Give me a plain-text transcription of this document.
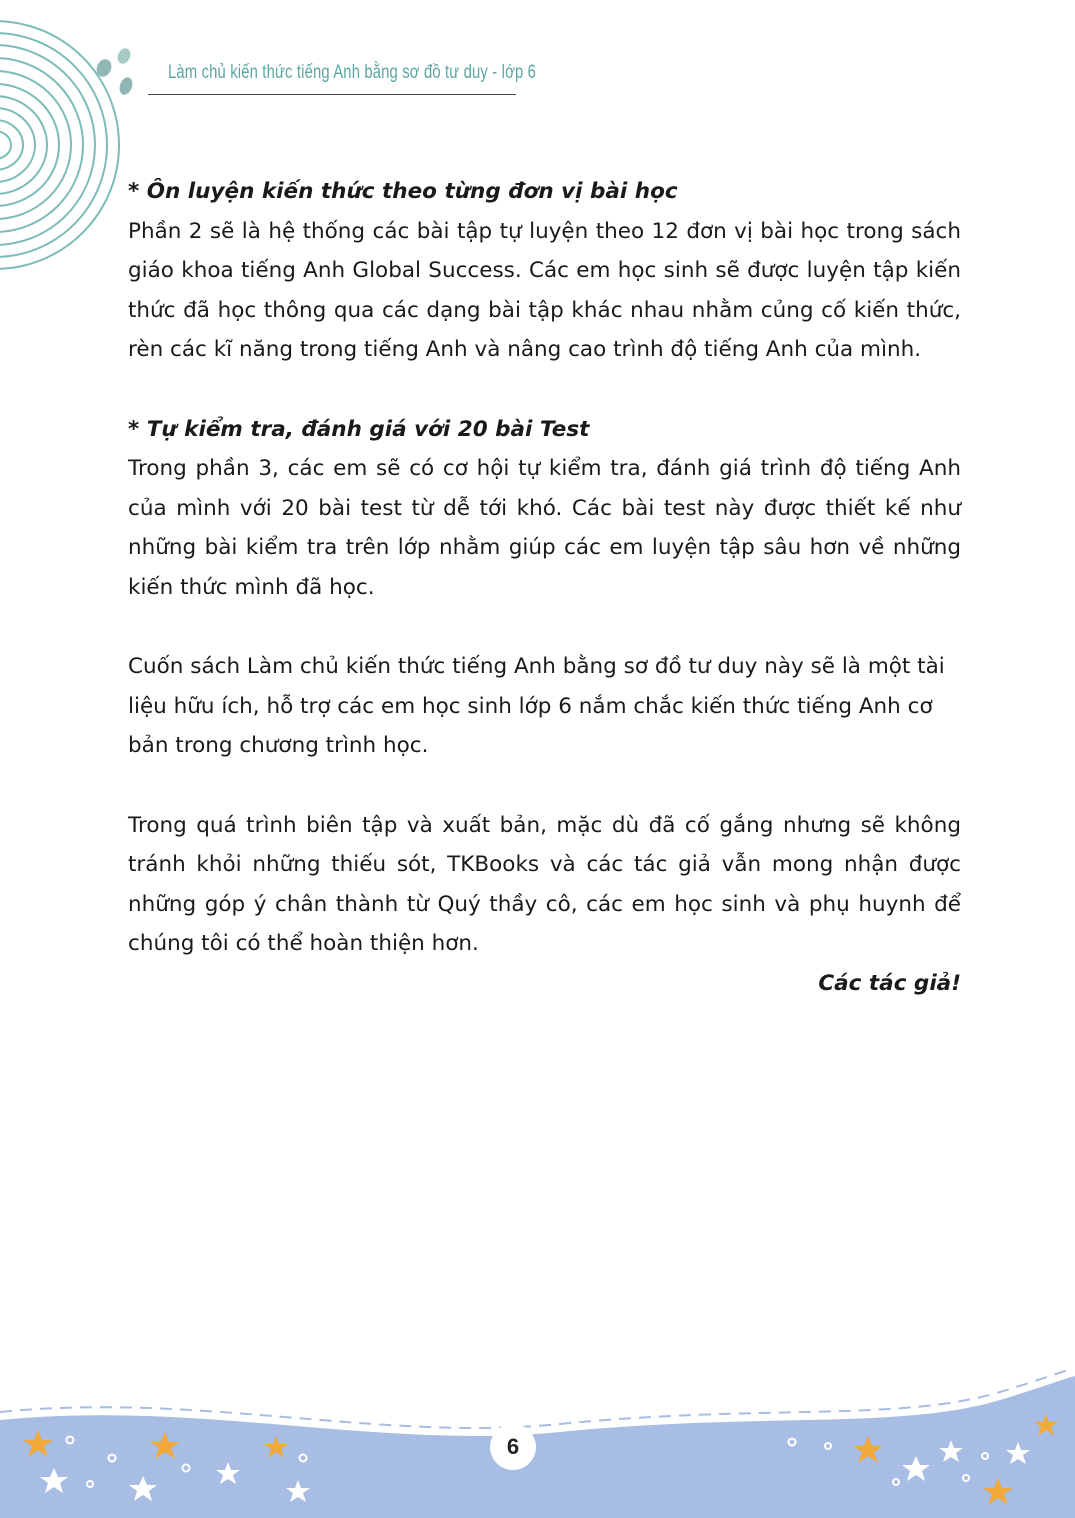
Làm chủ kiến thức tiếng Anh bằng sơ đồ tư duy - lớp 6

* Ôn luyện kiến thức theo từng đơn vị bài học

Phần 2 sẽ là hệ thống các bài tập tự luyện theo 12 đơn vị bài học trong sách giáo khoa tiếng Anh Global Success. Các em học sinh sẽ được luyện tập kiến thức đã học thông qua các dạng bài tập khác nhau nhằm củng cố kiến thức, rèn các kĩ năng trong tiếng Anh và nâng cao trình độ tiếng Anh của mình.

* Tự kiểm tra, đánh giá với 20 bài Test

Trong phần 3, các em sẽ có cơ hội tự kiểm tra, đánh giá trình độ tiếng Anh của mình với 20 bài test từ dễ tới khó. Các bài test này được thiết kế như những bài kiểm tra trên lớp nhằm giúp các em luyện tập sâu hơn về những kiến thức mình đã học.

Cuốn sách Làm chủ kiến thức tiếng Anh bằng sơ đồ tư duy này sẽ là một tài liệu hữu ích, hỗ trợ các em học sinh lớp 6 nắm chắc kiến thức tiếng Anh cơ bản trong chương trình học.

Trong quá trình biên tập và xuất bản, mặc dù đã cố gắng nhưng sẽ không tránh khỏi những thiếu sót, TKBooks và các tác giả vẫn mong nhận được những góp ý chân thành từ Quý thầy cô, các em học sinh và phụ huynh để chúng tôi có thể hoàn thiện hơn.

Các tác giả!

6
